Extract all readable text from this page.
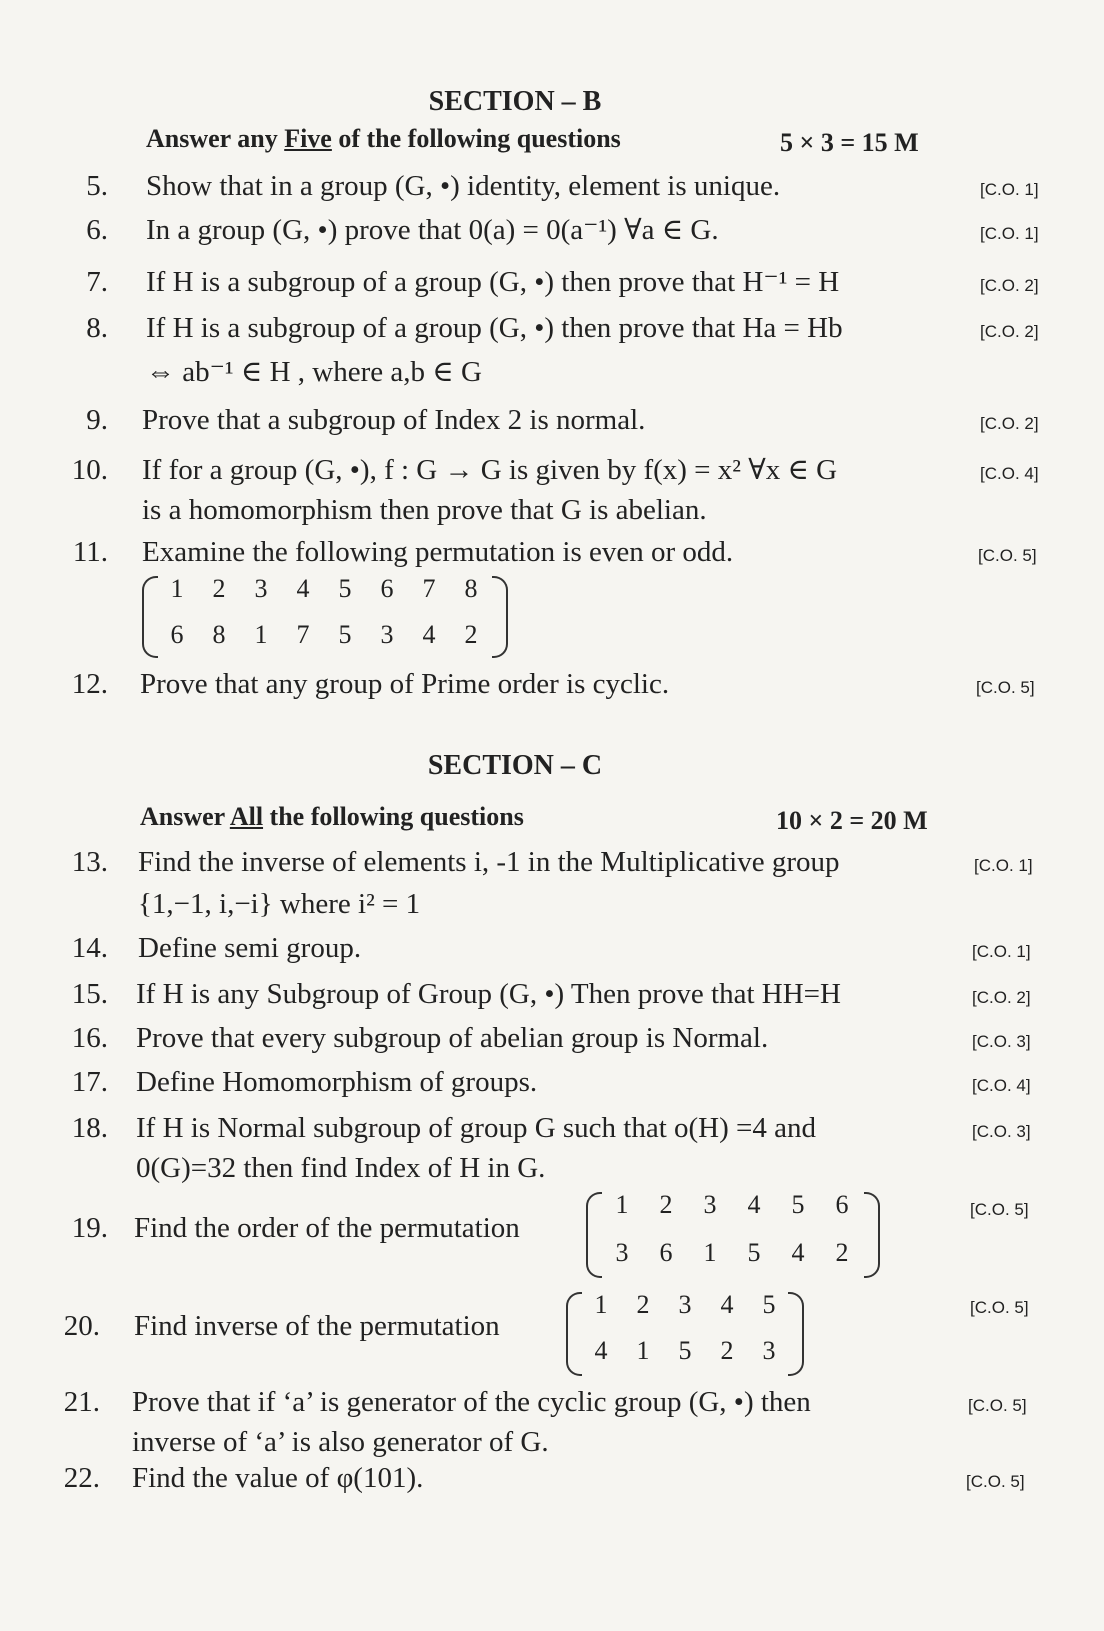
SECTION – B
Answer any Five of the following questions	5 × 3 = 15 M
5. Show that in a group (G, •) identity, element is unique.	[C.O. 1]
6. In a group (G, •) prove that 0(a) = 0(a⁻¹) ∀a ∈ G.	[C.O. 1]
7. If H is a subgroup of a group (G, •) then prove that H⁻¹ = H	[C.O. 2]
8. If H is a subgroup of a group (G, •) then prove that Ha = Hb	[C.O. 2]
⇔ ab⁻¹ ∈ H , where a,b ∈ G
9. Prove that a subgroup of Index 2 is normal.	[C.O. 2]
10. If for a group (G, •), f : G → G is given by f(x) = x² ∀x ∈ G	[C.O. 4]
is a homomorphism then prove that G is abelian.
11. Examine the following permutation is even or odd.	[C.O. 5]
1 2 3 4 5 6 7 8
6 8 1 7 5 3 4 2
12. Prove that any group of Prime order is cyclic.	[C.O. 5]
SECTION – C
Answer All the following questions	10 × 2 = 20 M
13. Find the inverse of elements i, -1 in the Multiplicative group	[C.O. 1]
{1,−1, i,−i} where i² = 1
14. Define semi group.	[C.O. 1]
15. If H is any Subgroup of Group (G, •) Then prove that HH=H	[C.O. 2]
16. Prove that every subgroup of abelian group is Normal.	[C.O. 3]
17. Define Homomorphism of groups.	[C.O. 4]
18. If H is Normal subgroup of group G such that o(H) =4 and	[C.O. 3]
0(G)=32 then find Index of H in G.
19. Find the order of the permutation
[C.O. 5]
1 2 3 4 5 6
3 6 1 5 4 2
20. Find inverse of the permutation
[C.O. 5]
1 2 3 4 5
4 1 5 2 3
21. Prove that if ‘a’ is generator of the cyclic group (G, •) then	[C.O. 5]
inverse of ‘a’ is also generator of G.
22. Find the value of φ(101).	[C.O. 5]
